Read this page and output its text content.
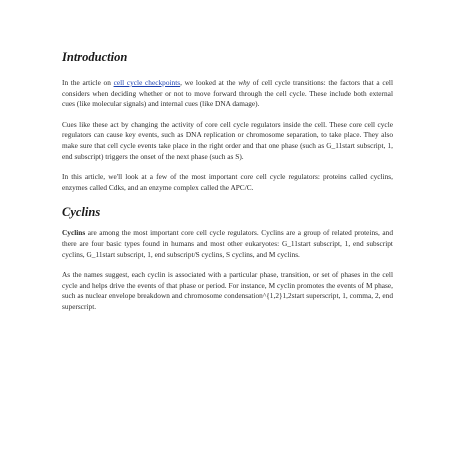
Introduction

In the article on cell cycle checkpoints, we looked at the why of cell cycle transitions: the factors that a cell considers when deciding whether or not to move forward through the cell cycle. These include both external cues (like molecular signals) and internal cues (like DNA damage).

Cues like these act by changing the activity of core cell cycle regulators inside the cell. These core cell cycle regulators can cause key events, such as DNA replication or chromosome separation, to take place. They also make sure that cell cycle events take place in the right order and that one phase (such as G_11start subscript, 1, end subscript) triggers the onset of the next phase (such as S).

In this article, we'll look at a few of the most important core cell cycle regulators: proteins called cyclins, enzymes called Cdks, and an enzyme complex called the APC/C.

Cyclins

Cyclins are among the most important core cell cycle regulators. Cyclins are a group of related proteins, and there are four basic types found in humans and most other eukaryotes: G_11start subscript, 1, end subscript cyclins, G_11start subscript, 1, end subscript/S cyclins, S cyclins, and M cyclins.

As the names suggest, each cyclin is associated with a particular phase, transition, or set of phases in the cell cycle and helps drive the events of that phase or period. For instance, M cyclin promotes the events of M phase, such as nuclear envelope breakdown and chromosome condensation^{1,2}1,2start superscript, 1, comma, 2, end superscript.
